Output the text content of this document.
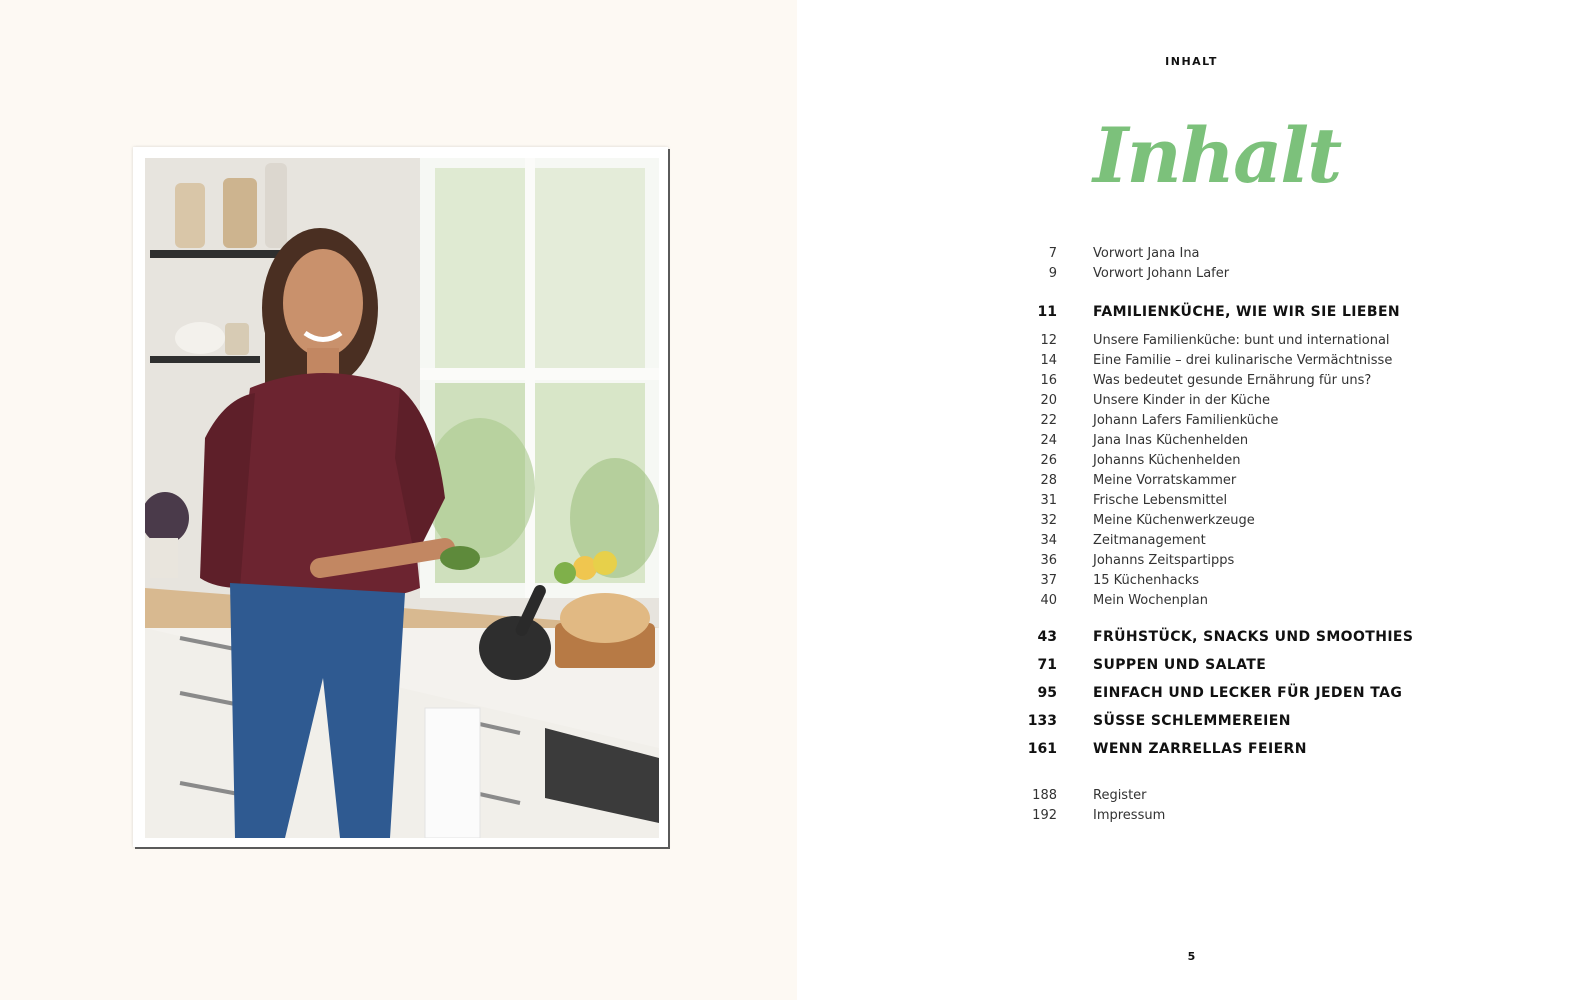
INHALT
Inhalt
7	Vorwort Jana Ina
9	Vorwort Johann Lafer
11	FAMILIENKÜCHE, WIE WIR SIE LIEBEN
12	Unsere Familienküche: bunt und international
14	Eine Familie – drei kulinarische Vermächtnisse
16	Was bedeutet gesunde Ernährung für uns?
20	Unsere Kinder in der Küche
22	Johann Lafers Familienküche
24	Jana Inas Küchenhelden
26	Johanns Küchenhelden
28	Meine Vorratskammer
31	Frische Lebensmittel
32	Meine Küchenwerkzeuge
34	Zeitmanagement
36	Johanns Zeitspartipps
37	15 Küchenhacks
40	Mein Wochenplan
43	FRÜHSTÜCK, SNACKS UND SMOOTHIES
71	SUPPEN UND SALATE
95	EINFACH UND LECKER FÜR JEDEN TAG
133	SÜSSE SCHLEMMEREIEN
161	WENN ZARRELLAS FEIERN
188	Register
192	Impressum
5
